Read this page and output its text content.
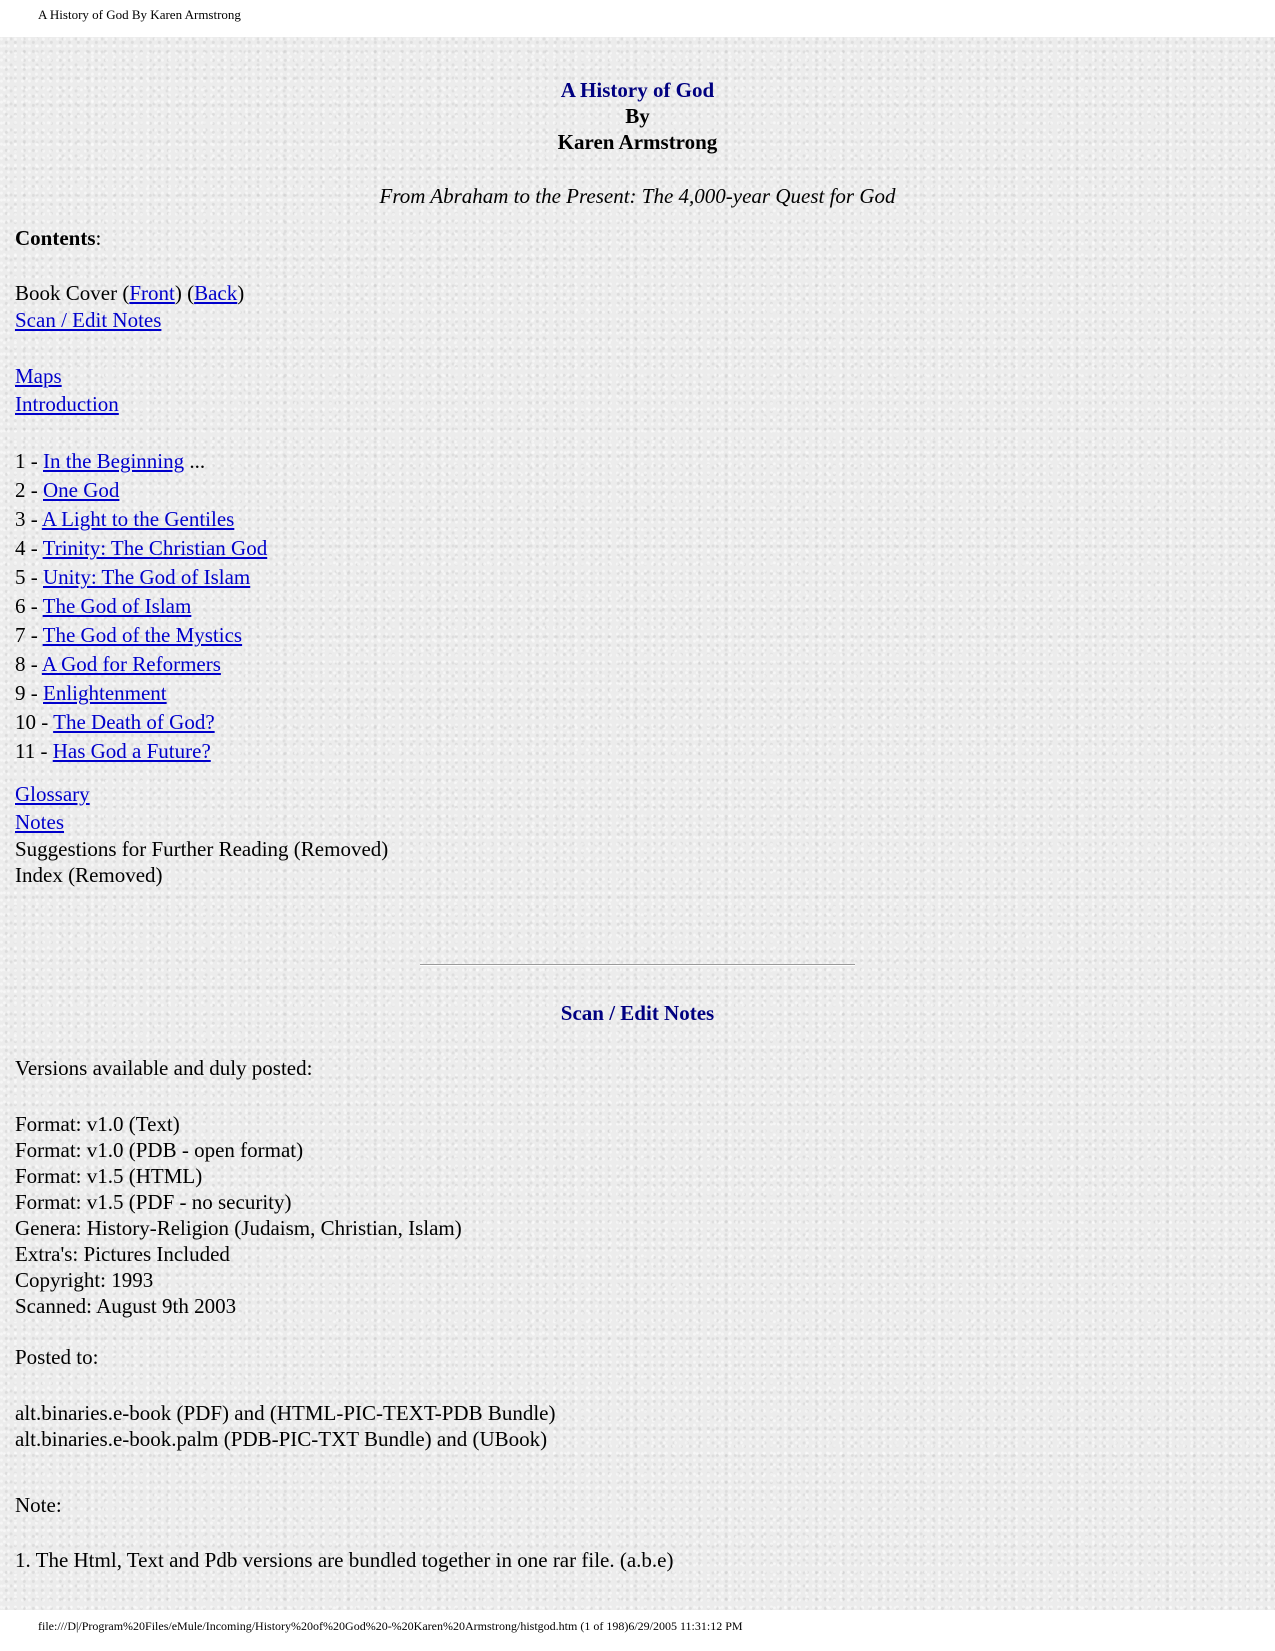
A History of God By Karen Armstrong
A History of God
By
Karen Armstrong
From Abraham to the Present: The 4,000-year Quest for God
Contents:
Book Cover (Front) (Back)
Scan / Edit Notes
Maps
Introduction
1 - In the Beginning ...
2 - One God
3 - A Light to the Gentiles
4 - Trinity: The Christian God
5 - Unity: The God of Islam
6 - The God of Islam
7 - The God of the Mystics
8 - A God for Reformers
9 - Enlightenment
10 - The Death of God?
11 - Has God a Future?
Glossary
Notes
Suggestions for Further Reading (Removed)
Index (Removed)
Scan / Edit Notes
Versions available and duly posted:
Format: v1.0 (Text)
Format: v1.0 (PDB - open format)
Format: v1.5 (HTML)
Format: v1.5 (PDF - no security)
Genera: History-Religion (Judaism, Christian, Islam)
Extra's: Pictures Included
Copyright: 1993
Scanned: August 9th 2003
Posted to:
alt.binaries.e-book (PDF) and (HTML-PIC-TEXT-PDB Bundle)
alt.binaries.e-book.palm (PDB-PIC-TXT Bundle) and (UBook)
Note:
1. The Html, Text and Pdb versions are bundled together in one rar file. (a.b.e)
file:///D|/Program%20Files/eMule/Incoming/History%20of%20God%20-%20Karen%20Armstrong/histgod.htm (1 of 198)6/29/2005 11:31:12 PM
